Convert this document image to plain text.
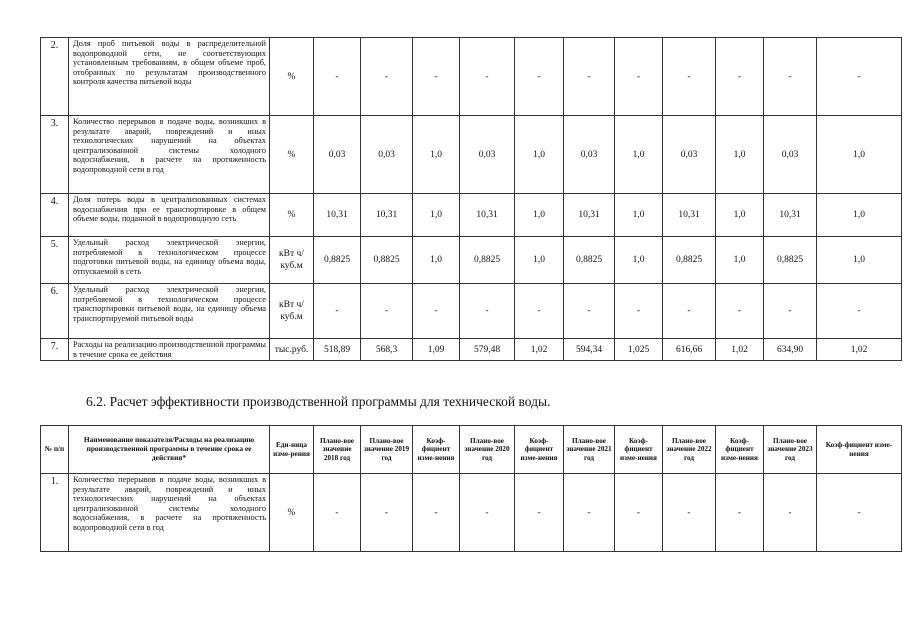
2.	Доля проб питьевой воды в распределительной водопроводной сети, не соответствующих установленным требованиям, в общем объеме проб, отобранных по результатам производственного контроля качества питьевой воды	%	-	-	-	-	-	-	-	-	-	-	-
3.	Количество перерывов в подаче воды, возникших в результате аварий, повреждений и иных технологических нарушений на объектах централизованной системы холодного водоснабжения, в расчете на протяженность водопроводной сети в год	%	0,03	0,03	1,0	0,03	1,0	0,03	1,0	0,03	1,0	0,03	1,0
4.	Доля потерь воды в централизованных системах водоснабжения при ее транспортировке в общем объеме воды, поданной в водопроводную сеть	%	10,31	10,31	1,0	10,31	1,0	10,31	1,0	10,31	1,0	10,31	1,0
5.	Удельный расход электрической энергии, потребляемой в технологическом процессе подготовки питьевой воды, на единицу объема воды, отпускаемой в сеть	кВт ч/куб.м	0,8825	0,8825	1,0	0,8825	1,0	0,8825	1,0	0,8825	1,0	0,8825	1,0
6.	Удельный расход электрической энергии, потребляемой в технологическом процессе транспортировки питьевой воды, на единицу объема транспортируемой питьевой воды	кВт ч/куб.м	-	-	-	-	-	-	-	-	-	-	-
7.	Расходы на реализацию производственной программы в течение срока ее действия	тыс.руб.	518,89	568,3	1,09	579,48	1,02	594,34	1,025	616,66	1,02	634,90	1,02
6.2. Расчет эффективности производственной программы для технической воды.
№ п/п	Наименование показателя/Расходы на реализацию производственной программы в течение срока ее действия*	Еди-ница изме-рения	Плано-вое значение 2018 год	Плано-вое значение 2019 год	Коэф-фициент изме-нения	Плано-вое значение 2020 год	Коэф-фициент изме-нения	Плано-вое значение 2021 год	Коэф-фициент изме-нения	Плано-вое значение 2022 год	Коэф-фициент изме-нения	Плано-вое значение 2023 год	Коэф-фициент изме-нения
1.	Количество перерывов в подаче воды, возникших в результате аварий, повреждений и иных технологических нарушений на объектах централизованной системы холодного водоснабжения, в расчете на протяженность водопроводной сети в год	%	-	-	-	-	-	-	-	-	-	-	-
